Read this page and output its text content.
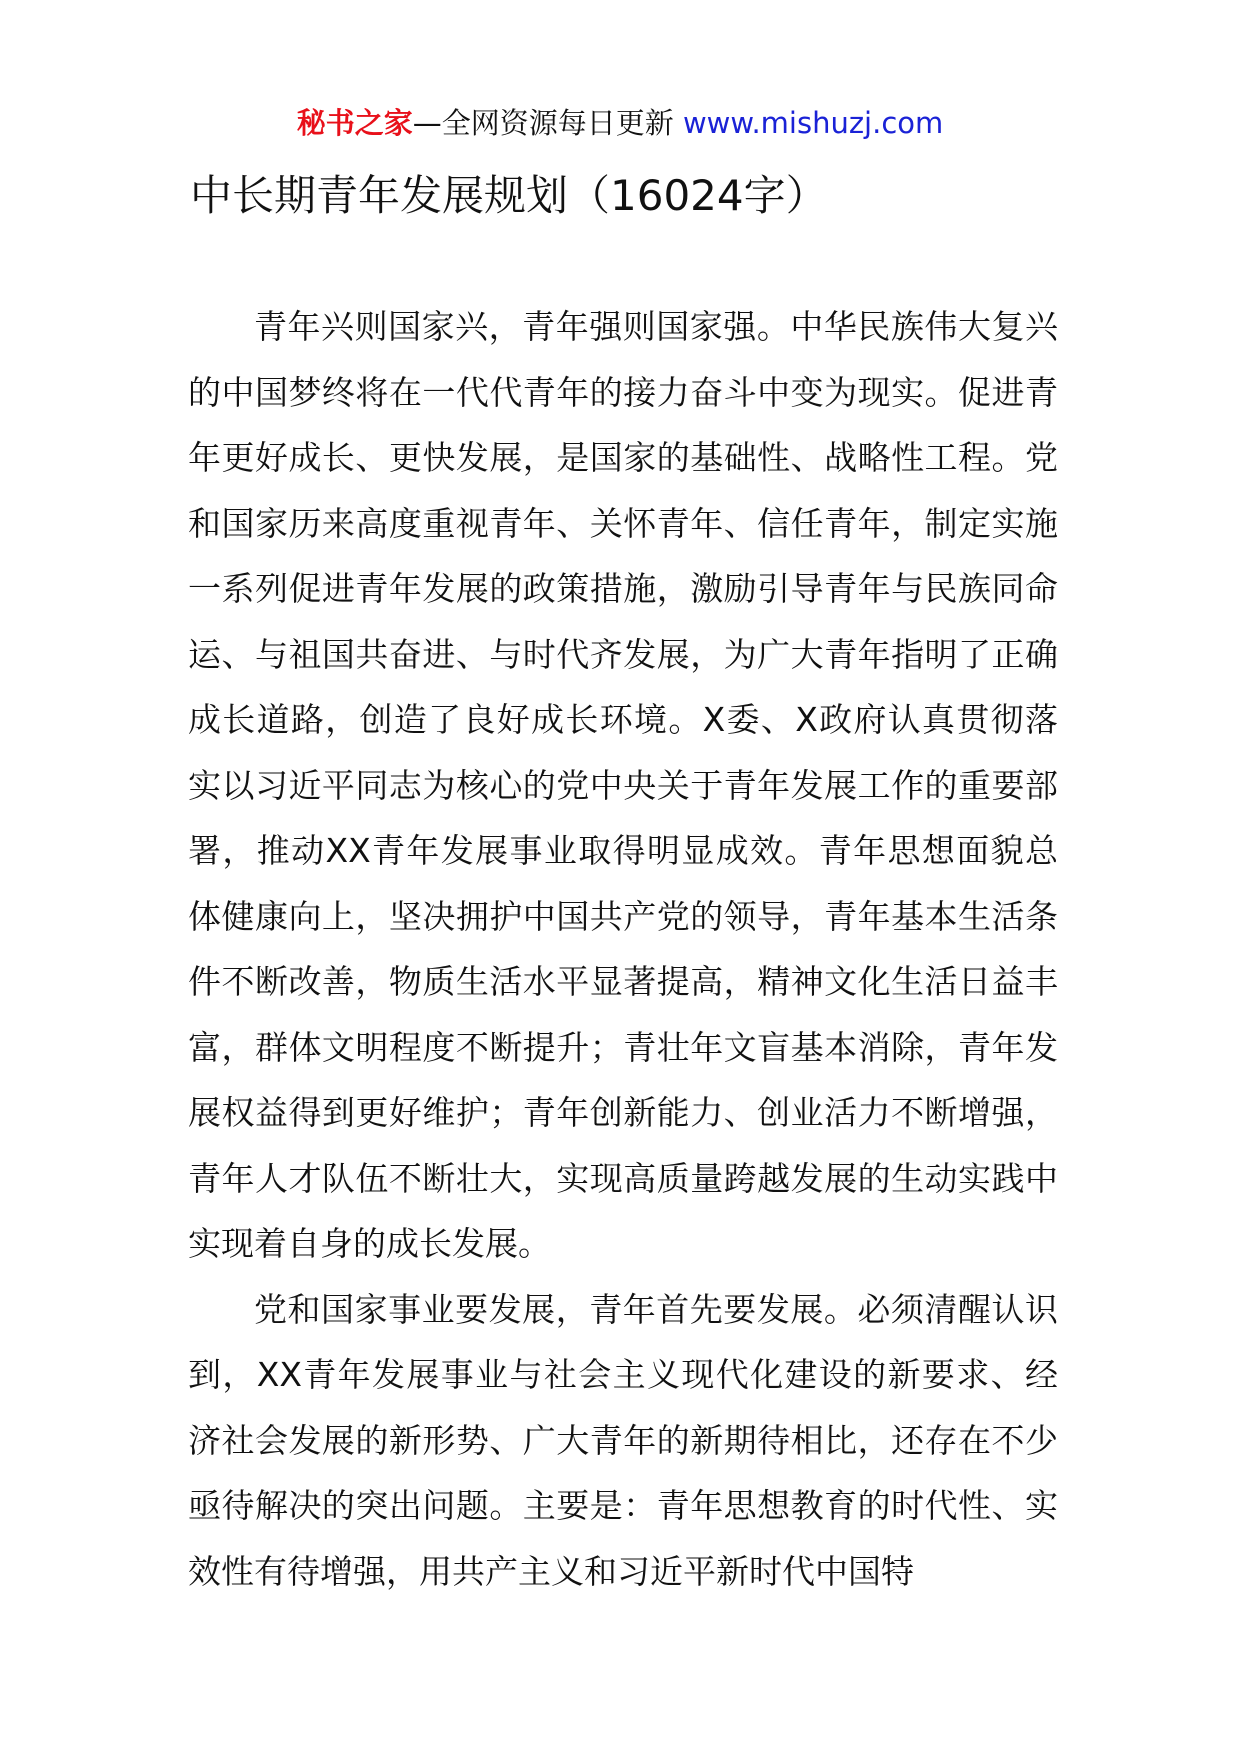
秘书之家—全网资源每日更新 www.mishuzj.com
中长期青年发展规划（16024字）

青年兴则国家兴，青年强则国家强。中华民族伟大复兴的中国梦终将在一代代青年的接力奋斗中变为现实。促进青年更好成长、更快发展，是国家的基础性、战略性工程。党和国家历来高度重视青年、关怀青年、信任青年，制定实施一系列促进青年发展的政策措施，激励引导青年与民族同命运、与祖国共奋进、与时代齐发展，为广大青年指明了正确成长道路，创造了良好成长环境。X委、X政府认真贯彻落实以习近平同志为核心的党中央关于青年发展工作的重要部署，推动XX青年发展事业取得明显成效。青年思想面貌总体健康向上，坚决拥护中国共产党的领导，青年基本生活条件不断改善，物质生活水平显著提高，精神文化生活日益丰富，群体文明程度不断提升；青壮年文盲基本消除，青年发展权益得到更好维护；青年创新能力、创业活力不断增强，青年人才队伍不断壮大，实现高质量跨越发展的生动实践中实现着自身的成长发展。

党和国家事业要发展，青年首先要发展。必须清醒认识到，XX青年发展事业与社会主义现代化建设的新要求、经济社会发展的新形势、广大青年的新期待相比，还存在不少亟待解决的突出问题。主要是：青年思想教育的时代性、实效性有待增强，用共产主义和习近平新时代中国特
